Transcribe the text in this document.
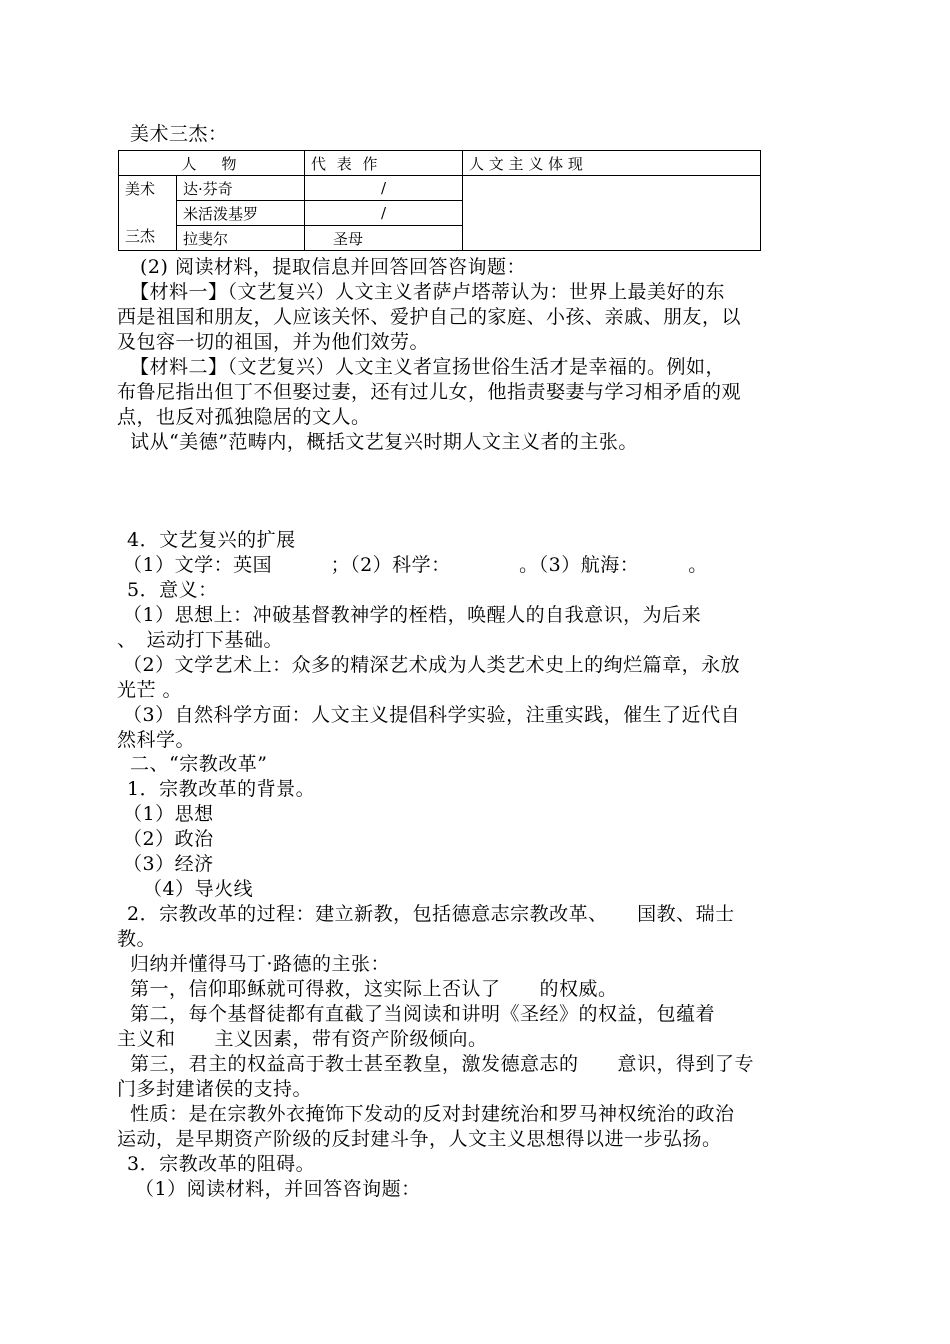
美术三杰：
人　物		代 表 作	人 文 主 义 体 现

美术
三杰	达·芬奇	/	
	米活泼基罗	/	
	拉斐尔	圣母	
(2) 阅读材料，提取信息并回答回答咨询题：
【材料一】（文艺复兴）人文主义者萨卢塔蒂认为：世界上最美好的东
西是祖国和朋友，人应该关怀、爱护自己的家庭、小孩、亲戚、朋友，以
及包容一切的祖国，并为他们效劳。
【材料二】（文艺复兴）人文主义者宣扬世俗生活才是幸福的。例如，
布鲁尼指出但丁不但娶过妻，还有过儿女，他指责娶妻与学习相矛盾的观
点，也反对孤独隐居的文人。
试从“美德”范畴内，概括文艺复兴时期人文主义者的主张。
4．文艺复兴的扩展
（1）文学：英国　　　；（2）科学：　　　　。（3）航海：　　　。
5．意义：
（1）思想上：冲破基督教神学的桎梏，唤醒人的自我意识，为后来
、　运动打下基础。
（2）文学艺术上：众多的精深艺术成为人类艺术史上的绚烂篇章，永放
光芒 。
（3）自然科学方面：人文主义提倡科学实验，注重实践，催生了近代自
然科学。
二、“宗教改革”
1．宗教改革的背景。
（1）思想
（2）政治
（3）经济
（4）导火线
2．宗教改革的过程：建立新教，包括德意志宗教改革、　　国教、瑞士
教。
归纳并懂得马丁·路德的主张：
第一，信仰耶稣就可得救，这实际上否认了　　的权威。
第二，每个基督徒都有直截了当阅读和讲明《圣经》的权益，包蕴着
主义和　　主义因素，带有资产阶级倾向。
第三，君主的权益高于教士甚至教皇，激发德意志的　　意识，得到了专
门多封建诸侯的支持。
性质：是在宗教外衣掩饰下发动的反对封建统治和罗马神权统治的政治
运动，是早期资产阶级的反封建斗争，人文主义思想得以进一步弘扬。
3．宗教改革的阻碍。
（1）阅读材料，并回答咨询题：
